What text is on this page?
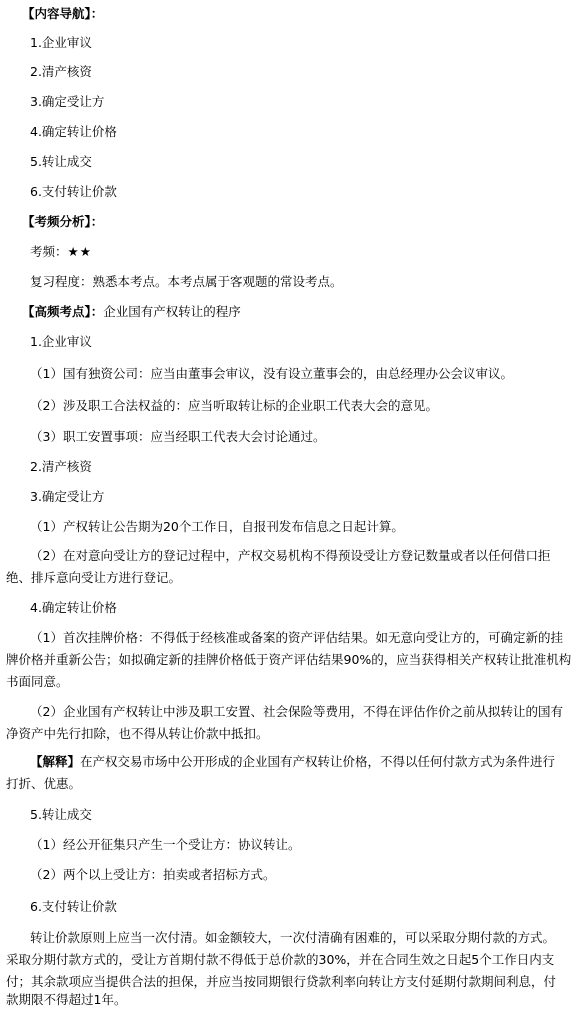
【内容导航】：
1.企业审议
2.清产核资
3.确定受让方
4.确定转让价格
5.转让成交
6.支付转让价款
【考频分析】：
考频：★★
复习程度：熟悉本考点。本考点属于客观题的常设考点。
【高频考点】：企业国有产权转让的程序
1.企业审议
（1）国有独资公司：应当由董事会审议，没有设立董事会的，由总经理办公会议审议。
（2）涉及职工合法权益的：应当听取转让标的企业职工代表大会的意见。
（3）职工安置事项：应当经职工代表大会讨论通过。
2.清产核资
3.确定受让方
（1）产权转让公告期为20个工作日，自报刊发布信息之日起计算。
（2）在对意向受让方的登记过程中，产权交易机构不得预设受让方登记数量或者以任何借口拒
绝、排斥意向受让方进行登记。
4.确定转让价格
（1）首次挂牌价格：不得低于经核准或备案的资产评估结果。如无意向受让方的，可确定新的挂
牌价格并重新公告；如拟确定新的挂牌价格低于资产评估结果90%的，应当获得相关产权转让批准机构
书面同意。
（2）企业国有产权转让中涉及职工安置、社会保险等费用，不得在评估作价之前从拟转让的国有
净资产中先行扣除，也不得从转让价款中抵扣。
【解释】在产权交易市场中公开形成的企业国有产权转让价格，不得以任何付款方式为条件进行
打折、优惠。
5.转让成交
（1）经公开征集只产生一个受让方：协议转让。
（2）两个以上受让方：拍卖或者招标方式。
6.支付转让价款
转让价款原则上应当一次付清。如金额较大，一次付清确有困难的，可以采取分期付款的方式。
采取分期付款方式的，受让方首期付款不得低于总价款的30%，并在合同生效之日起5个工作日内支
付；其余款项应当提供合法的担保，并应当按同期银行贷款利率向转让方支付延期付款期间利息，付
款期限不得超过1年。
